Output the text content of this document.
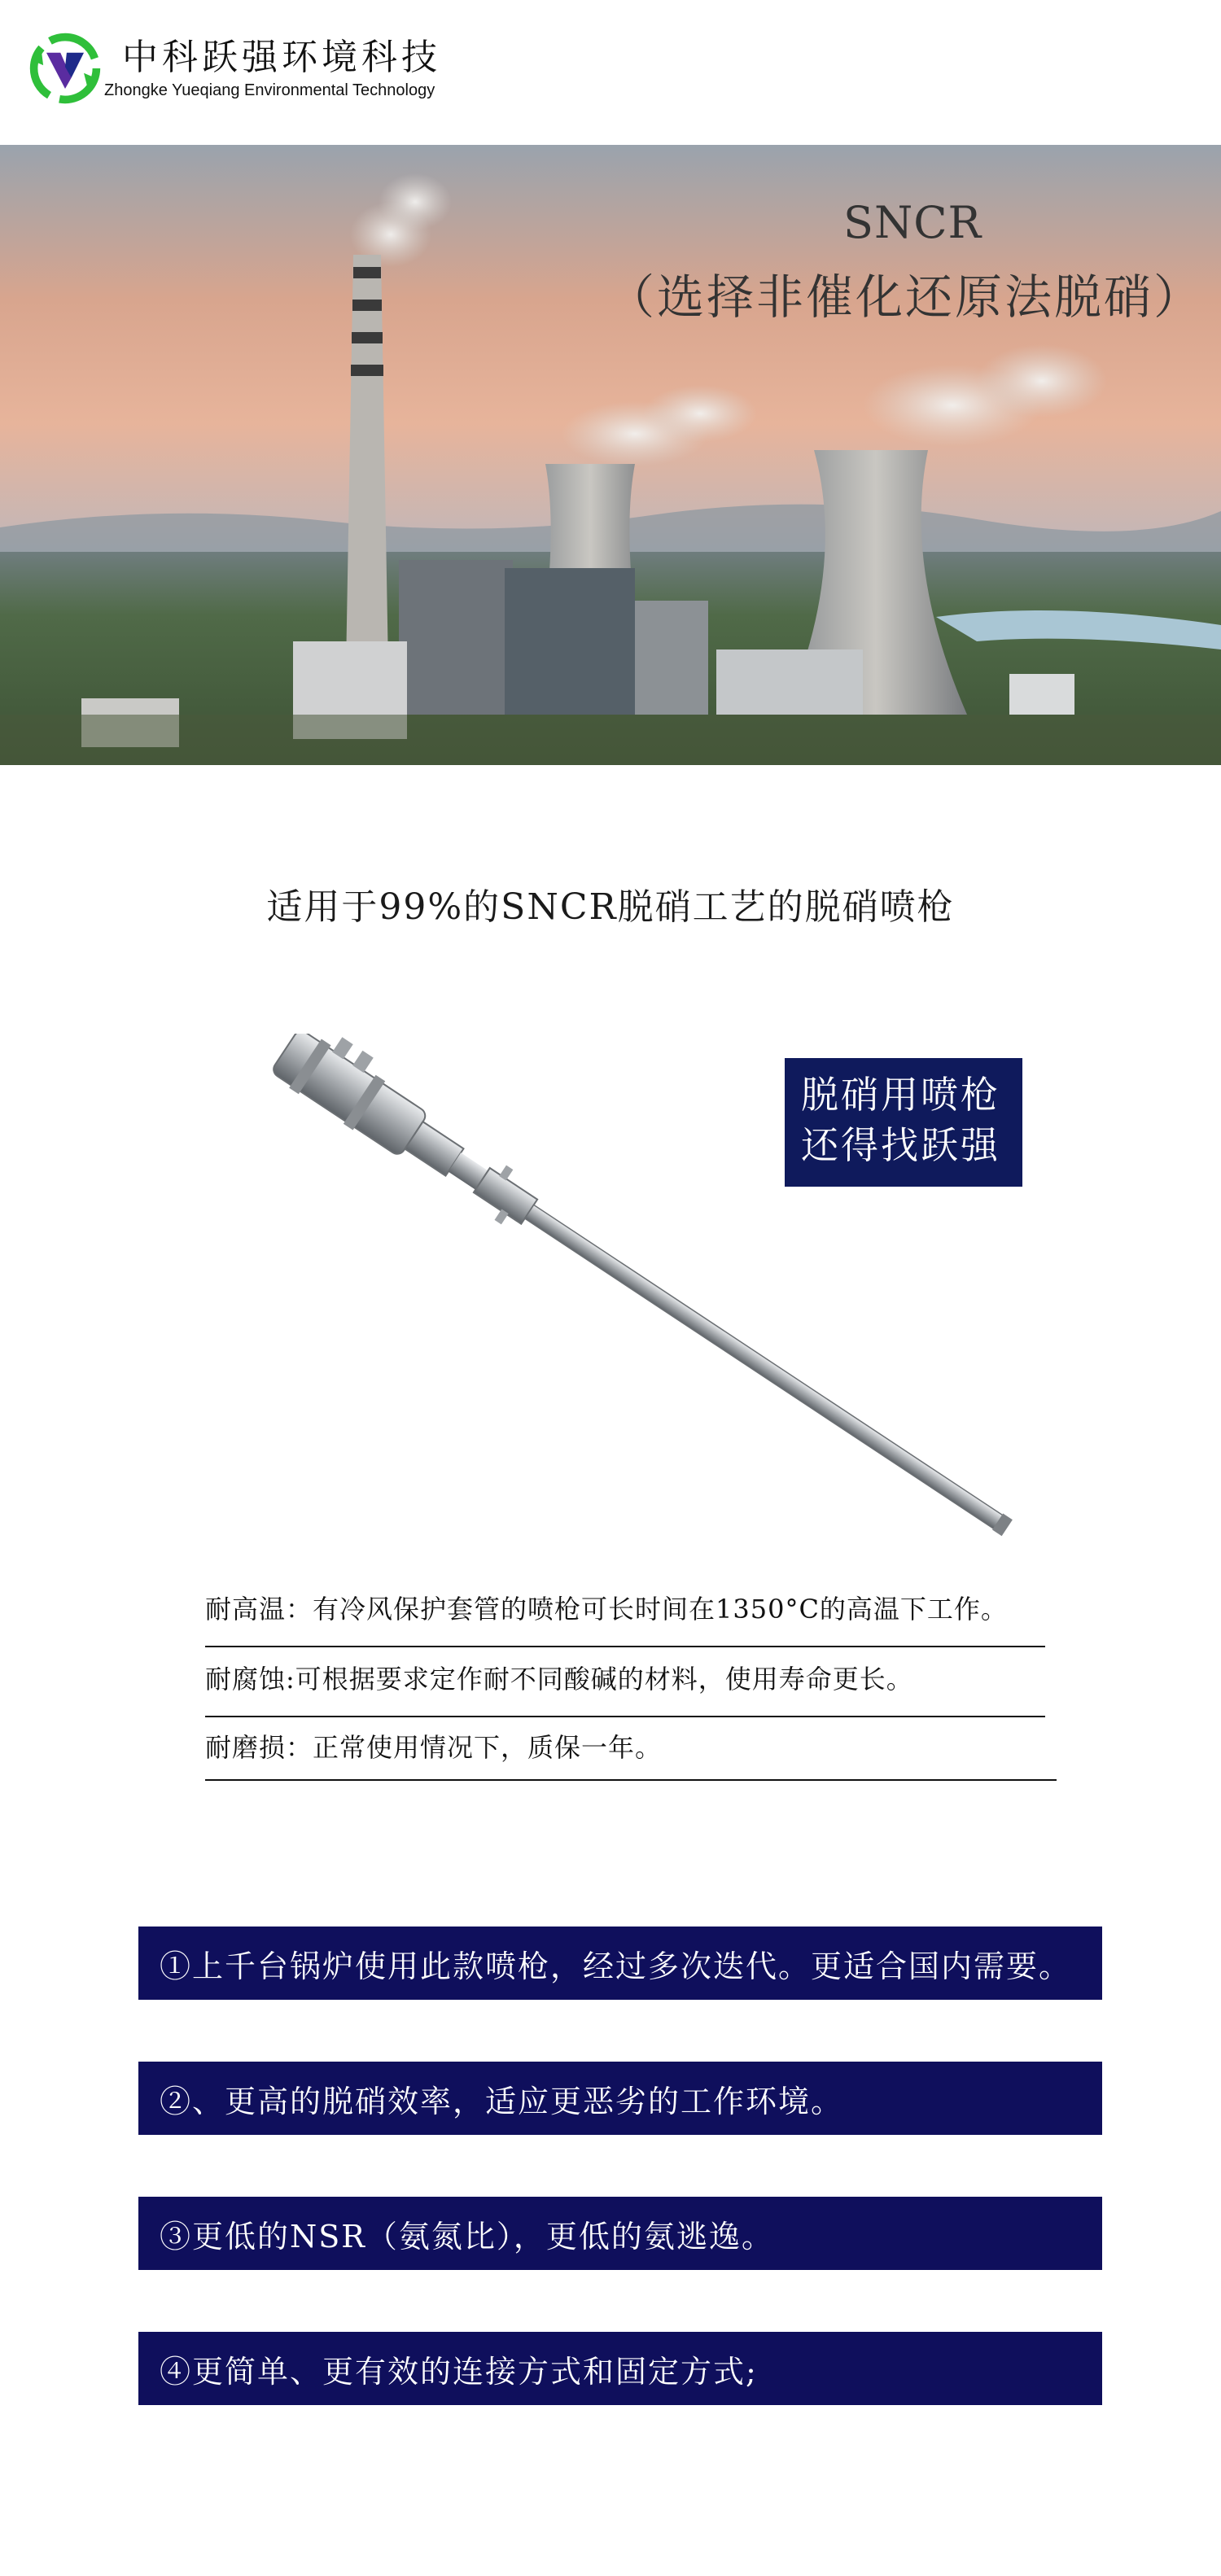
中科跃强环境科技
Zhongke Yueqiang Environmental Technology
SNCR
（选择非催化还原法脱硝）
适用于99%的SNCR脱硝工艺的脱硝喷枪
脱硝用喷枪
还得找跃强
耐高温：有冷风保护套管的喷枪可长时间在1350°C的高温下工作。
耐腐蚀:可根据要求定作耐不同酸碱的材料，使用寿命更长。
耐磨损：正常使用情况下，质保一年。
①上千台锅炉使用此款喷枪，经过多次迭代。更适合国内需要。
②、更高的脱硝效率，适应更恶劣的工作环境。
③更低的NSR（氨氮比），更低的氨逃逸。
④更简单、更有效的连接方式和固定方式;
